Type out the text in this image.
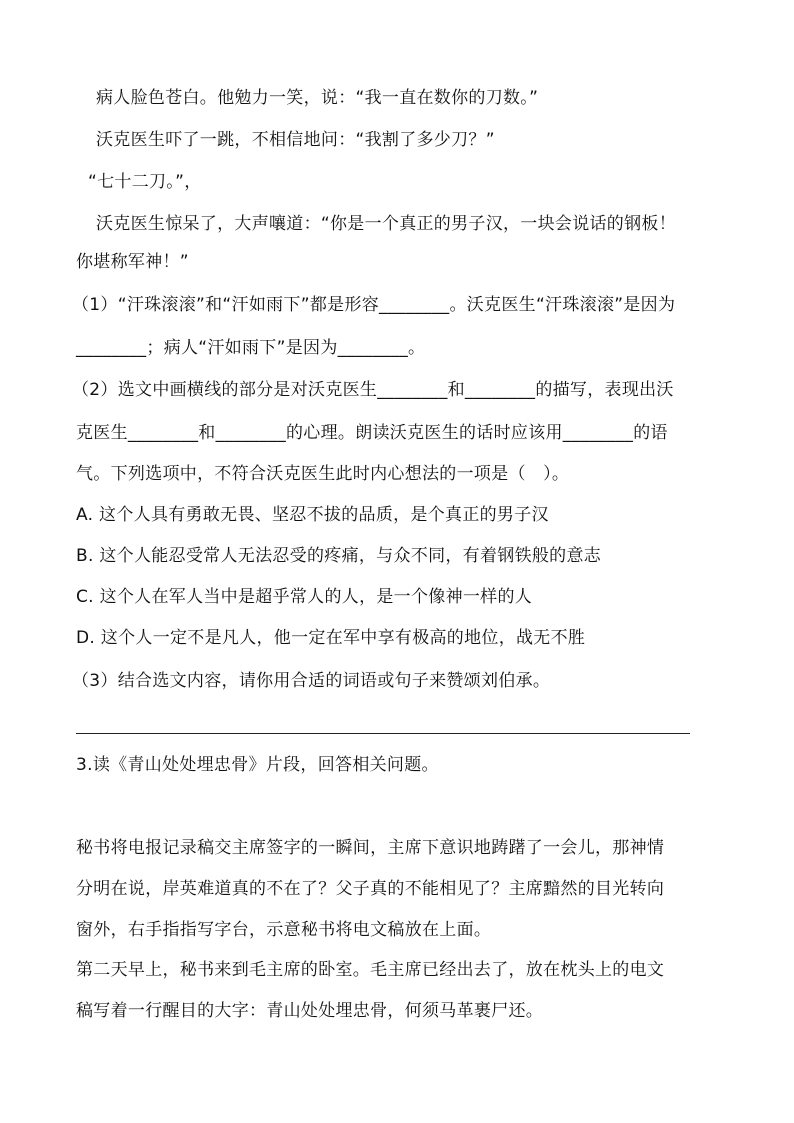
病人脸色苍白。他勉力一笑，说：“我一直在数你的刀数。”
沃克医生吓了一跳，不相信地问：“我割了多少刀？”
“七十二刀。”，
沃克医生惊呆了，大声嚷道：“你是一个真正的男子汉，一块会说话的钢板！
你堪称军神！”
（1）“汗珠滚滚”和“汗如雨下”都是形容________。沃克医生“汗珠滚滚”是因为
________；病人“汗如雨下”是因为________。
（2）选文中画横线的部分是对沃克医生________和________的描写，表现出沃
克医生________和________的心理。朗读沃克医生的话时应该用________的语
气。下列选项中，不符合沃克医生此时内心想法的一项是（　）。
A. 这个人具有勇敢无畏、坚忍不拔的品质，是个真正的男子汉
B. 这个人能忍受常人无法忍受的疼痛，与众不同，有着钢铁般的意志
C. 这个人在军人当中是超乎常人的人，是一个像神一样的人
D. 这个人一定不是凡人，他一定在军中享有极高的地位，战无不胜
（3）结合选文内容，请你用合适的词语或句子来赞颂刘伯承。
3.读《青山处处埋忠骨》片段，回答相关问题。
秘书将电报记录稿交主席签字的一瞬间，主席下意识地踌躇了一会儿，那神情
分明在说，岸英难道真的不在了？父子真的不能相见了？主席黯然的目光转向
窗外，右手指指写字台，示意秘书将电文稿放在上面。
第二天早上，秘书来到毛主席的卧室。毛主席已经出去了，放在枕头上的电文
稿写着一行醒目的大字：青山处处埋忠骨，何须马革裹尸还。
